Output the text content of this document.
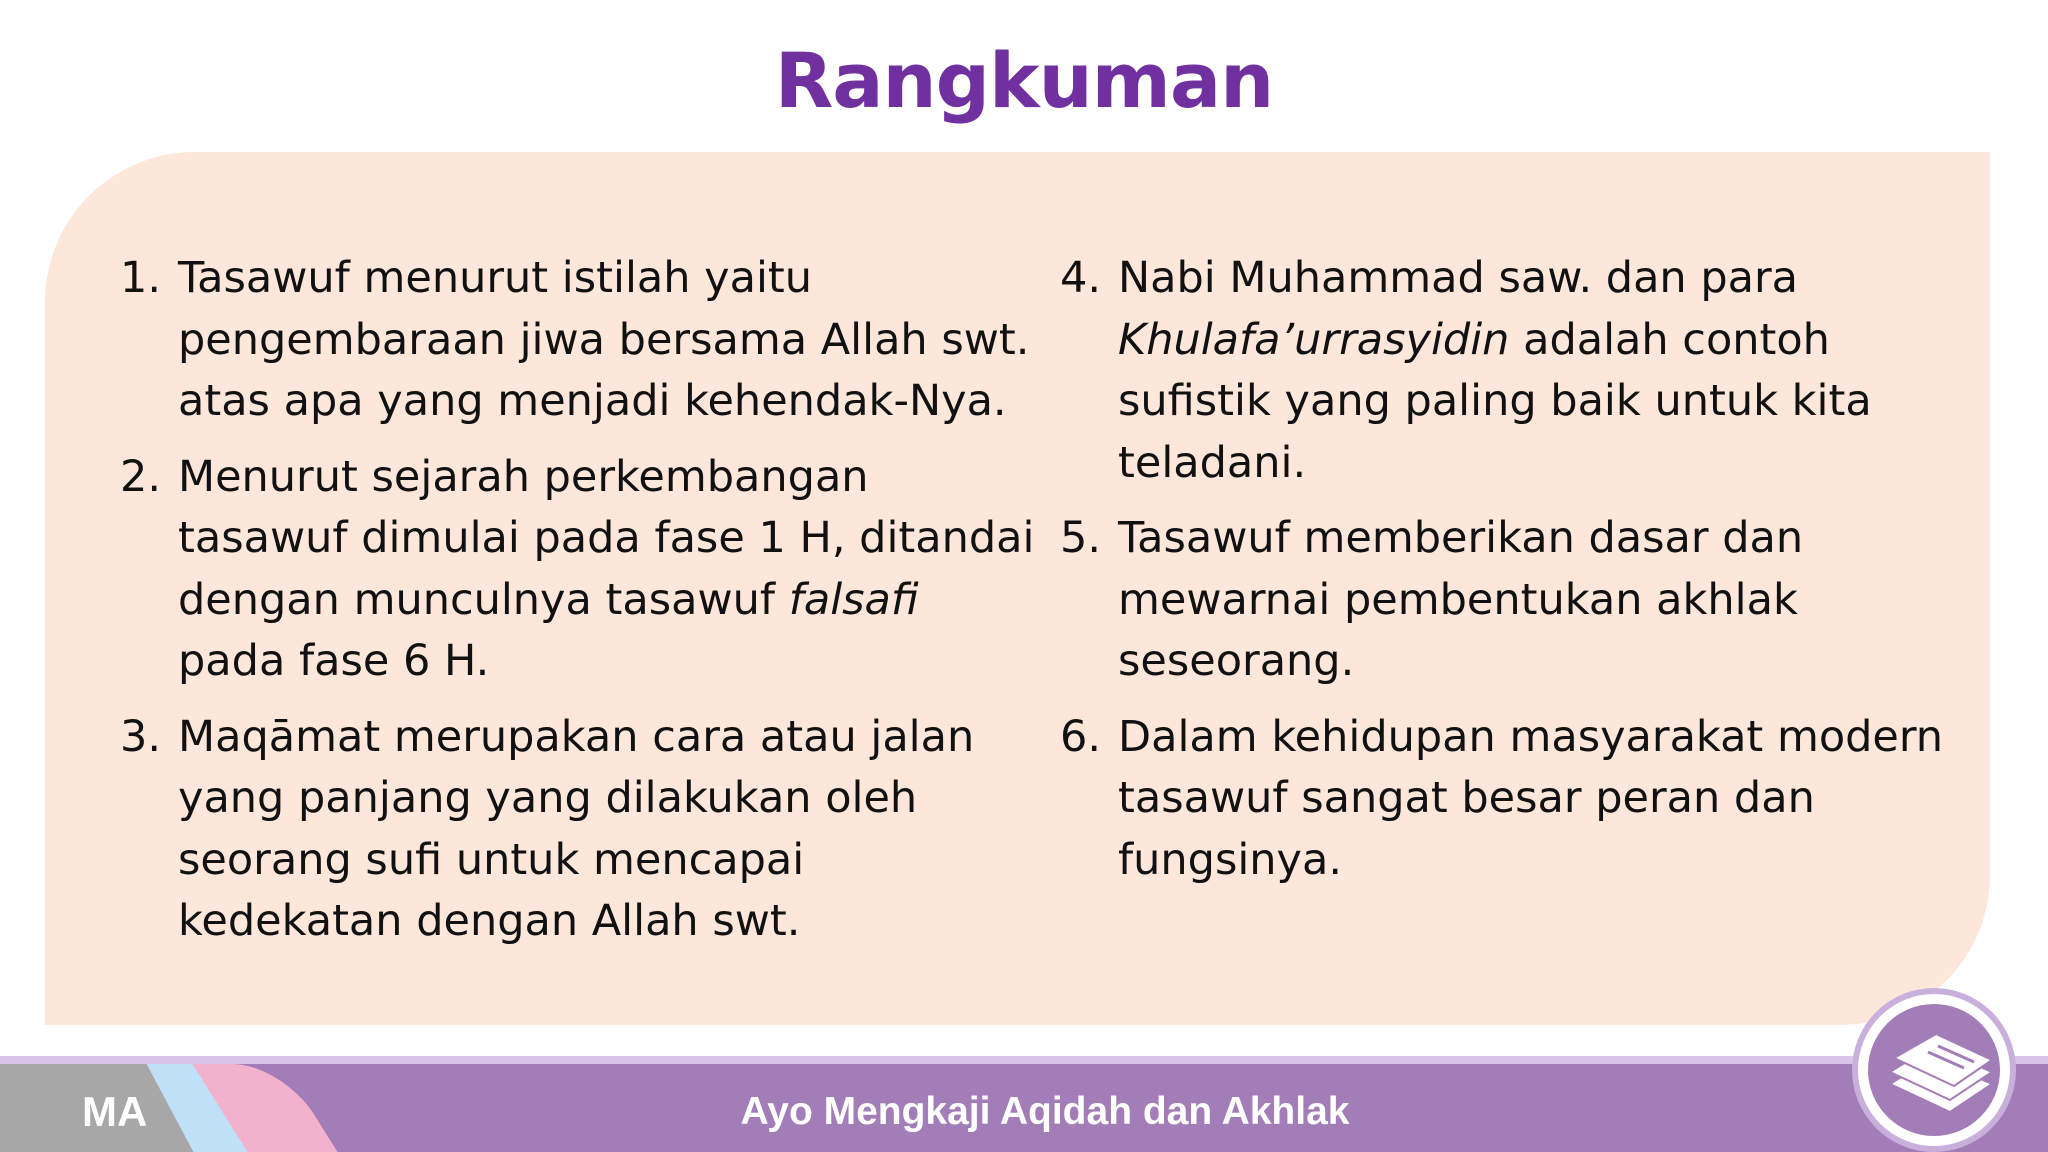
Rangkuman
1. Tasawuf menurut istilah yaitu
pengembaraan jiwa bersama Allah swt.
atas apa yang menjadi kehendak-Nya.
2. Menurut sejarah perkembangan
tasawuf dimulai pada fase 1 H, ditandai
dengan munculnya tasawuf falsafi
pada fase 6 H.
3. Maqāmat merupakan cara atau jalan
yang panjang yang dilakukan oleh
seorang sufi untuk mencapai
kedekatan dengan Allah swt.
4. Nabi Muhammad saw. dan para
Khulafa’urrasyidin adalah contoh
sufistik yang paling baik untuk kita
teladani.
5. Tasawuf memberikan dasar dan
mewarnai pembentukan akhlak
seseorang.
6. Dalam kehidupan masyarakat modern
tasawuf sangat besar peran dan
fungsinya.
MA	Ayo Mengkaji Aqidah dan Akhlak
